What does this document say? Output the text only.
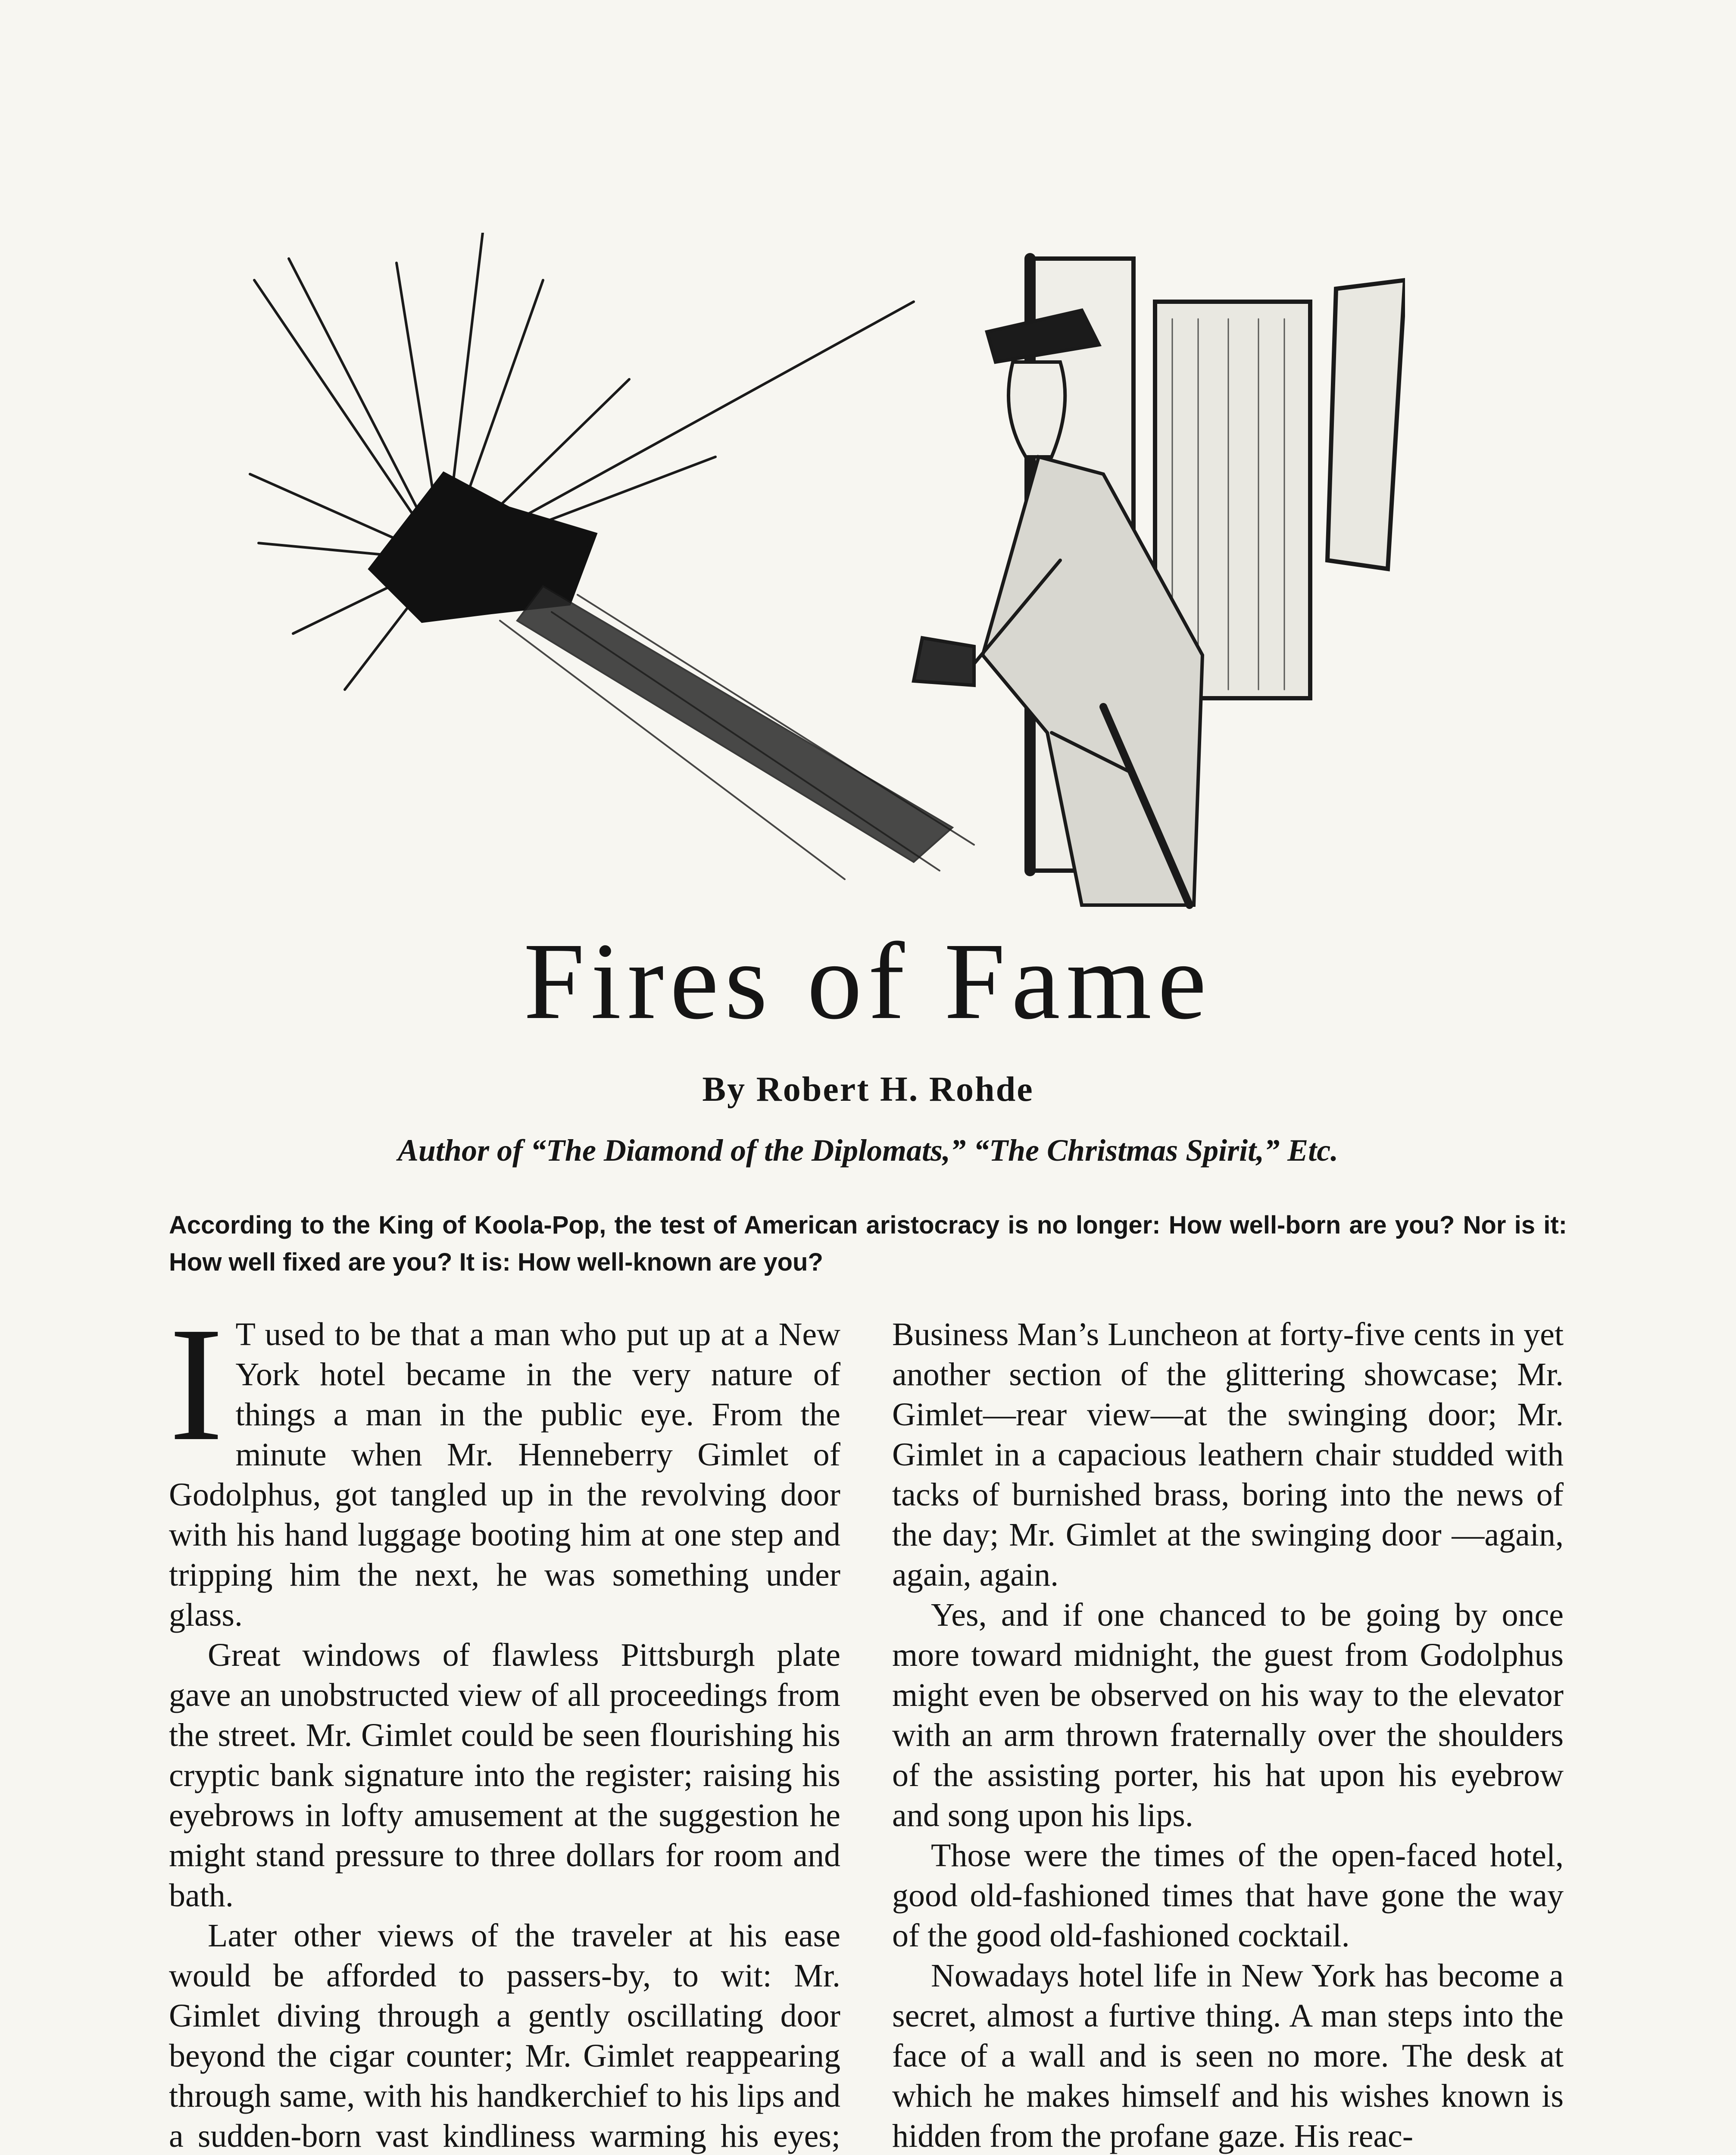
Fires of Fame
By Robert H. Rohde
Author of “The Diamond of the Diplomats,” “The Christmas Spirit,” Etc.
According to the King of Koola-Pop, the test of American aristocracy is no longer: How well-born are you? Nor is it: How well fixed are you? It is: How well-known are you?

I T used to be that a man who put up at a New York hotel became in the very nature of things a man in the public eye. From the minute when Mr. Henneberry Gimlet of Godolphus, got tangled up in the revolving door with his hand luggage booting him at one step and tripping him the next, he was something under glass.

Great windows of flawless Pittsburgh plate gave an unobstructed view of all proceedings from the street. Mr. Gimlet could be seen flourishing his cryptic bank signature into the register; raising his eyebrows in lofty amusement at the suggestion he might stand pressure to three dollars for room and bath.

Later other views of the traveler at his ease would be afforded to passers-by, to wit: Mr. Gimlet diving through a gently oscillating door beyond the cigar counter; Mr. Gimlet reappearing through same, with his handkerchief to his lips and a sudden-born vast kindliness warming his eyes;

Business Man’s Luncheon at forty-five cents in yet another section of the glittering showcase; Mr. Gimlet—rear view—at the swinging door; Mr. Gimlet in a capacious leathern chair studded with tacks of burnished brass, boring into the news of the day; Mr. Gimlet at the swinging door —again, again, again.

Yes, and if one chanced to be going by once more toward midnight, the guest from Godolphus might even be observed on his way to the elevator with an arm thrown fraternally over the shoulders of the assisting porter, his hat upon his eyebrow and song upon his lips.

Those were the times of the open-faced hotel, good old-fashioned times that have gone the way of the good old-fashioned cocktail.

Nowadays hotel life in New York has become a secret, almost a furtive thing. A man steps into the face of a wall and is seen no more. The desk at which he makes himself and his wishes known is hidden from the profane gaze. His reac-
